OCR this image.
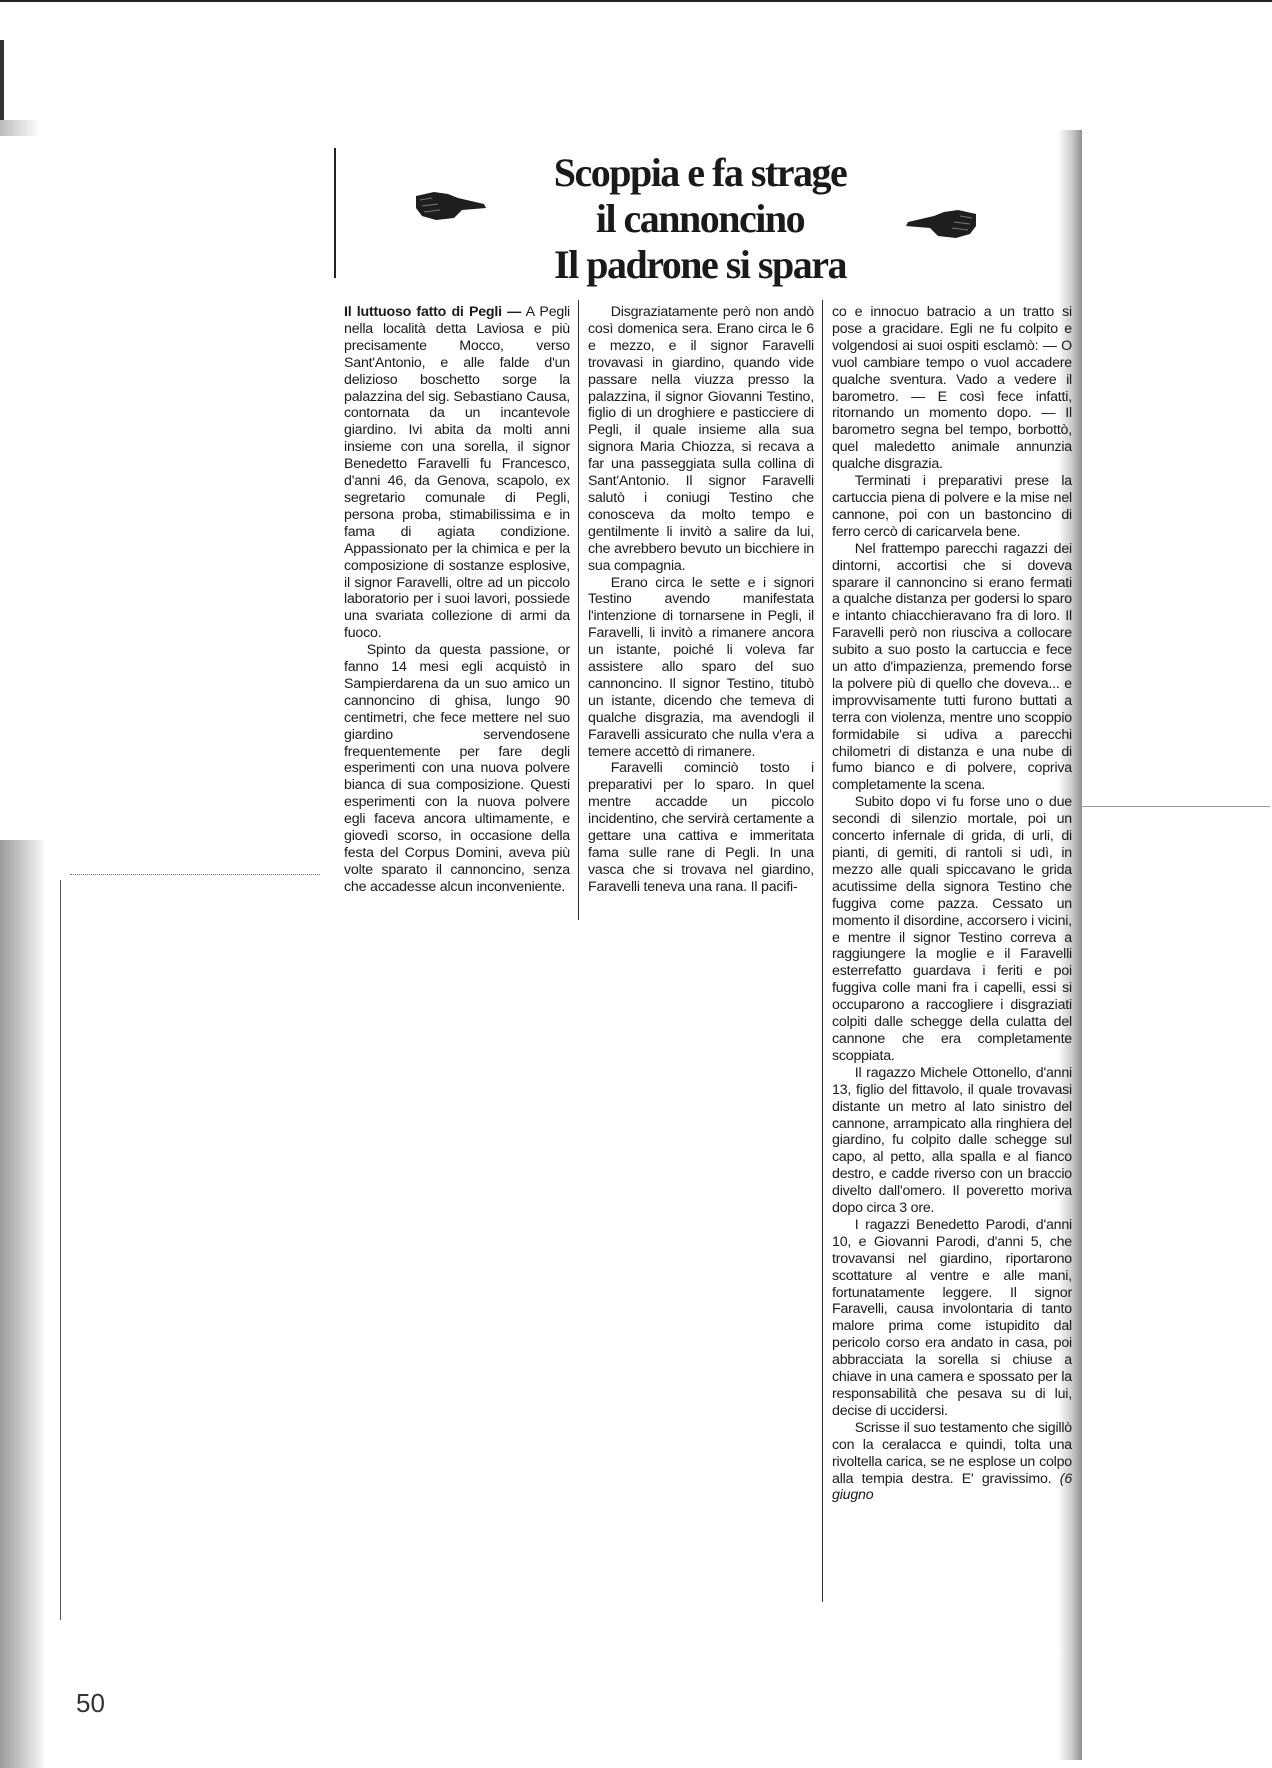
Scoppia e fa strage
il cannoncino
Il padrone si spara

Il luttuoso fatto di Pegli — A Pegli nella località detta Laviosa e più precisamente Mocco, verso Sant'Antonio, e alle falde d'un delizioso boschetto sorge la palazzina del sig. Sebastiano Causa, contornata da un incantevole giardino. Ivi abita da molti anni insieme con una sorella, il signor Benedetto Faravelli fu Francesco, d'anni 46, da Genova, scapolo, ex segretario comunale di Pegli, persona proba, stimabilissima e in fama di agiata condizione. Appassionato per la chimica e per la composizione di sostanze esplosive, il signor Faravelli, oltre ad un piccolo laboratorio per i suoi lavori, possiede una svariata collezione di armi da fuoco.

Spinto da questa passione, or fanno 14 mesi egli acquistò in Sampierdarena da un suo amico un cannoncino di ghisa, lungo 90 centimetri, che fece mettere nel suo giardino servendosene frequentemente per fare degli esperimenti con una nuova polvere bianca di sua composizione. Questi esperimenti con la nuova polvere egli faceva ancora ultimamente, e giovedì scorso, in occasione della festa del Corpus Domini, aveva più volte sparato il cannoncino, senza che accadesse alcun inconveniente.

Disgraziatamente però non andò così domenica sera. Erano circa le 6 e mezzo, e il signor Faravelli trovavasi in giardino, quando vide passare nella viuzza presso la palazzina, il signor Giovanni Testino, figlio di un droghiere e pasticciere di Pegli, il quale insieme alla sua signora Maria Chiozza, si recava a far una passeggiata sulla collina di Sant'Antonio. Il signor Faravelli salutò i coniugi Testino che conosceva da molto tempo e gentilmente li invitò a salire da lui, che avrebbero bevuto un bicchiere in sua compagnia.

Erano circa le sette e i signori Testino avendo manifestata l'intenzione di tornarsene in Pegli, il Faravelli, li invitò a rimanere ancora un istante, poiché li voleva far assistere allo sparo del suo cannoncino. Il signor Testino, titubò un istante, dicendo che temeva di qualche disgrazia, ma avendogli il Faravelli assicurato che nulla v'era a temere accettò di rimanere.

Faravelli cominciò tosto i preparativi per lo sparo. In quel mentre accadde un piccolo incidentino, che servirà certamente a gettare una cattiva e immeritata fama sulle rane di Pegli. In una vasca che si trovava nel giardino, Faravelli teneva una rana. Il pacifi-

co e innocuo batracio a un tratto si pose a gracidare. Egli ne fu colpito e volgendosi ai suoi ospiti esclamò: — O vuol cambiare tempo o vuol accadere qualche sventura. Vado a vedere il barometro. — E così fece infatti, ritornando un momento dopo. — Il barometro segna bel tempo, borbottò, quel maledetto animale annunzia qualche disgrazia.

Terminati i preparativi prese la cartuccia piena di polvere e la mise nel cannone, poi con un bastoncino di ferro cercò di caricarvela bene.

Nel frattempo parecchi ragazzi dei dintorni, accortisi che si doveva sparare il cannoncino si erano fermati a qualche distanza per godersi lo sparo e intanto chiacchieravano fra di loro. Il Faravelli però non riusciva a collocare subito a suo posto la cartuccia e fece un atto d'impazienza, premendo forse la polvere più di quello che doveva... e improvvisamente tutti furono buttati a terra con violenza, mentre uno scoppio formidabile si udiva a parecchi chilometri di distanza e una nube di fumo bianco e di polvere, copriva completamente la scena.

Subito dopo vi fu forse uno o due secondi di silenzio mortale, poi un concerto infernale di grida, di urli, di pianti, di gemiti, di rantoli si udì, in mezzo alle quali spiccavano le grida acutissime della signora Testino che fuggiva come pazza. Cessato un momento il disordine, accorsero i vicini, e mentre il signor Testino correva a raggiungere la moglie e il Faravelli esterrefatto guardava i feriti e poi fuggiva colle mani fra i capelli, essi si occuparono a raccogliere i disgraziati colpiti dalle schegge della culatta del cannone che era completamente scoppiata.

Il ragazzo Michele Ottonello, d'anni 13, figlio del fittavolo, il quale trovavasi distante un metro al lato sinistro del cannone, arrampicato alla ringhiera del giardino, fu colpito dalle schegge sul capo, al petto, alla spalla e al fianco destro, e cadde riverso con un braccio divelto dall'omero. Il poveretto moriva dopo circa 3 ore.

I ragazzi Benedetto Parodi, d'anni 10, e Giovanni Parodi, d'anni 5, che trovavansi nel giardino, riportarono scottature al ventre e alle mani, fortunatamente leggere. Il signor Faravelli, causa involontaria di tanto malore prima come istupidito dal pericolo corso era andato in casa, poi abbracciata la sorella si chiuse a chiave in una camera e spossato per la responsabilità che pesava su di lui, decise di uccidersi.

Scrisse il suo testamento che sigillò con la ceralacca e quindi, tolta una rivoltella carica, se ne esplose un colpo alla tempia destra. E' gravissimo. (6 giugno

50
